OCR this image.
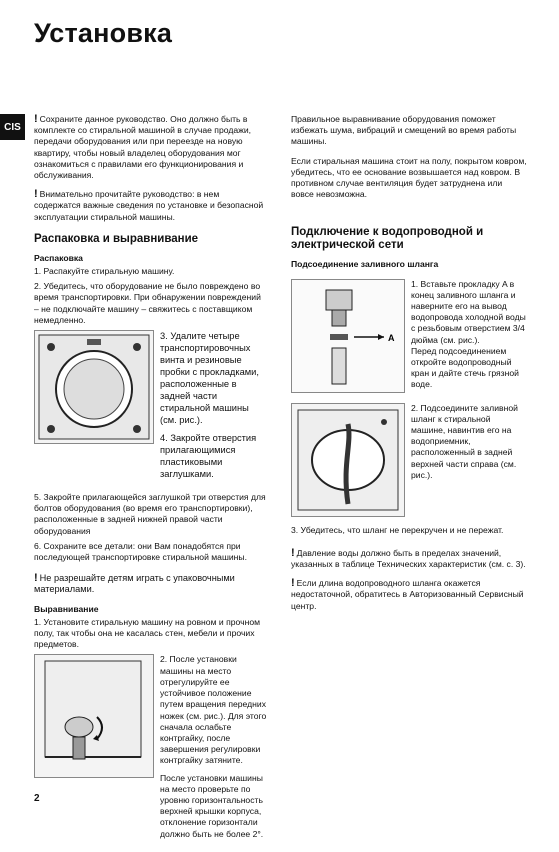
Установка
CIS

! Сохраните данное руководство. Оно должно быть в комплекте со стиральной машиной в случае продажи, передачи оборудования или при переезде на новую квартиру, чтобы новый владелец оборудования мог ознакомиться с правилами его функционирования и обслуживания.

! Внимательно прочитайте руководство: в нем содержатся важные сведения по установке и безопасной эксплуатации стиральной машины.

Распаковка и выравнивание
Распаковка
1. Распакуйте стиральную машину.
2. Убедитесь, что оборудование не было повреждено во время транспортировки. При обнаружении повреждений – не подключайте машину – свяжитесь с поставщиком немедленно.
3. Удалите четыре транспортировочных винта и резиновые пробки с прокладками, расположенные в задней части стиральной машины (см. рис.).
4. Закройте отверстия прилагающимися пластиковыми заглушками.
5. Закройте прилагающейся заглушкой три отверстия для болтов оборудования (во время его транспортировки), расположенные в задней нижней правой части оборудования
6. Сохраните все детали: они Вам понадобятся при последующей транспортировке стиральной машины.

! Не разрешайте детям играть с упаковочными материалами.

Выравнивание
1. Установите стиральную машину на ровном и прочном полу, так чтобы она не касалась стен, мебели и прочих предметов.
2. После установки машины на место отрегулируйте ее устойчивое положение путем вращения передних ножек (см. рис.). Для этого сначала ослабьте контргайку, после завершения регулировки контргайку затяните.
После установки машины на место проверьте по уровню горизонтальность верхней крышки корпуса, отклонение горизонтали должно быть не более 2°.

Правильное выравнивание оборудования поможет избежать шума, вибраций и смещений во время работы машины.

Если стиральная машина стоит на полу, покрытом ковром, убедитесь, что ее основание возвышается над ковром. В противном случае вентиляция будет затруднена или вовсе невозможна.

Подключение к водопроводной и электрической сети
Подсоединение заливного шланга
A
1. Вставьте прокладку A в конец заливного шланга и наверните его на вывод водопровода холодной воды с резьбовым отверстием 3/4 дюйма (см. рис.).
Перед подсоединением откройте водопроводный кран и дайте стечь грязной воде.
2. Подсоедините заливной шланг к стиральной машине, навинтив его на водоприемник, расположенный в задней верхней части справа (см. рис.).
3. Убедитесь, что шланг не перекручен и не пережат.

! Давление воды должно быть в пределах значений, указанных в таблице Технических характеристик (см. с. 3).

! Если длина водопроводного шланга окажется недостаточной, обратитесь в Авторизованный Сервисный центр.

2
